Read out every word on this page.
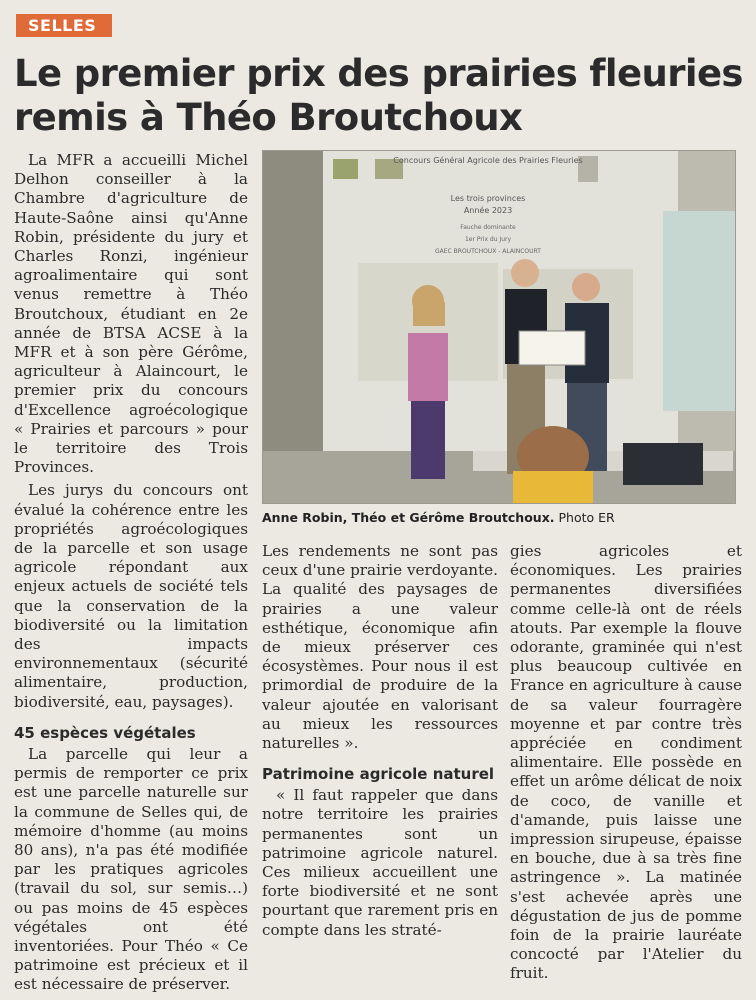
SELLES
Le premier prix des prairies fleuries remis à Théo Broutchoux

La MFR a accueilli Michel Delhon conseiller à la Chambre d'agriculture de Haute-Saône ainsi qu'Anne Robin, présidente du jury et Charles Ronzi, ingénieur agroalimentaire qui sont venus remettre à Théo Broutchoux, étudiant en 2e année de BTSA ACSE à la MFR et à son père Gérôme, agriculteur à Alaincourt, le premier prix du concours d'Excellence agroécologique « Prairies et parcours » pour le territoire des Trois Provinces.

Les jurys du concours ont évalué la cohérence entre les propriétés agroécologiques de la parcelle et son usage agricole répondant aux enjeux actuels de société tels que la conservation de la biodiversité ou la limitation des impacts environnementaux (sécurité alimentaire, production, biodiversité, eau, paysages).

45 espèces végétales

La parcelle qui leur a permis de remporter ce prix est une parcelle naturelle sur la commune de Selles qui, de mémoire d'homme (au moins 80 ans), n'a pas été modifiée par les pratiques agricoles (travail du sol, sur semis…) ou pas moins de 45 espèces végétales ont été inventoriées. Pour Théo « Ce patrimoine est précieux et il est nécessaire de préserver.

Concours Général Agricole des Prairies Fleuries
Les trois provinces
Année 2023
Fauche dominante
1er Prix du Jury
GAEC BROUTCHOUX - ALAINCOURT
Anne Robin, Théo et Gérôme Broutchoux. Photo ER

Les rendements ne sont pas ceux d'une prairie verdoyante. La qualité des paysages de prairies a une valeur esthétique, économique afin de mieux préserver ces écosystèmes. Pour nous il est primordial de produire de la valeur ajoutée en valorisant au mieux les ressources naturelles ».

Patrimoine agricole naturel

« Il faut rappeler que dans notre territoire les prairies permanentes sont un patrimoine agricole naturel. Ces milieux accueillent une forte biodiversité et ne sont pourtant que rarement pris en compte dans les straté-

gies agricoles et économiques. Les prairies permanentes diversifiées comme celle-là ont de réels atouts. Par exemple la flouve odorante, graminée qui n'est plus beaucoup cultivée en France en agriculture à cause de sa valeur fourragère moyenne et par contre très appréciée en condiment alimentaire. Elle possède en effet un arôme délicat de noix de coco, de vanille et d'amande, puis laisse une impression sirupeuse, épaisse en bouche, due à sa très fine astringence ». La matinée s'est achevée après une dégustation de jus de pomme foin de la prairie lauréate concocté par l'Atelier du fruit.
